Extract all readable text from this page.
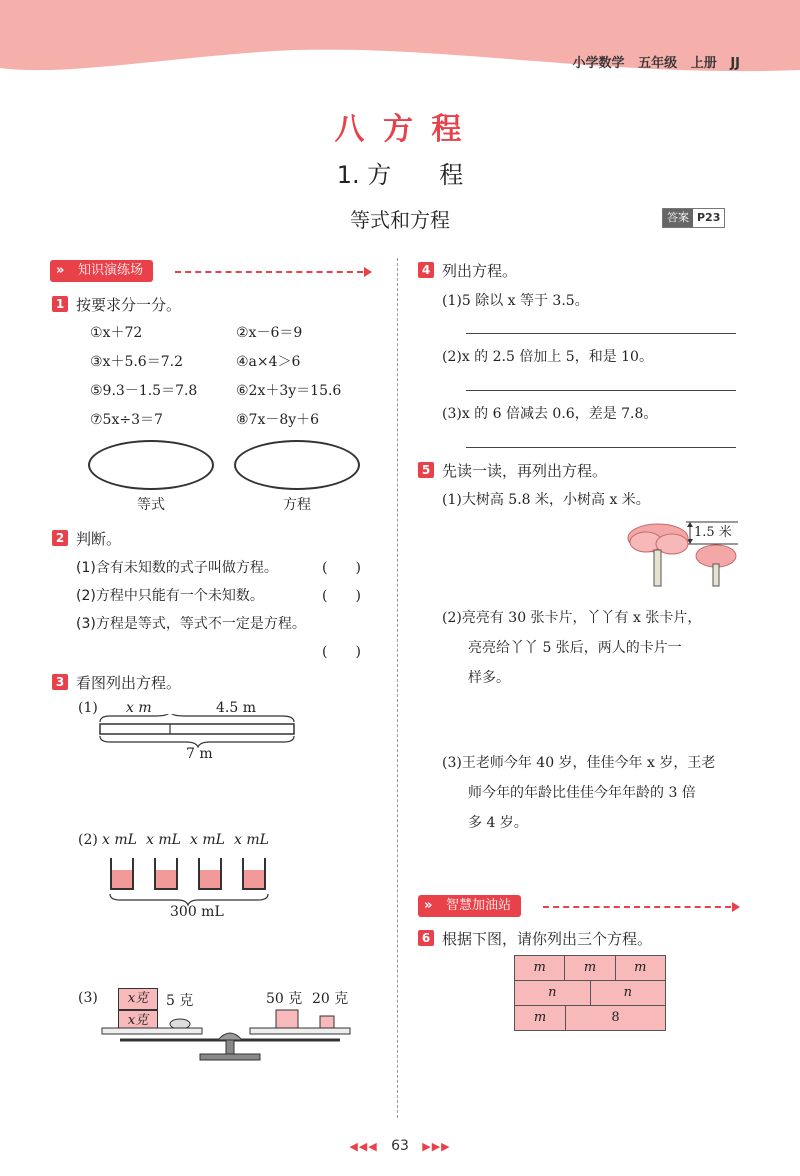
小学数学 五年级 上册 JJ
八 方 程
1. 方　　程
等式和方程	答案 P23
» 知识演练场
1 按要求分一分。
①x＋72	②x－6＝9
③x＋5.6＝7.2	④a×4＞6
⑤9.3－1.5＝7.8	⑥2x＋3y＝15.6
⑦5x÷3＝7	⑧7x－8y＋6
等式	方程
2 判断。
(1)含有未知数的式子叫做方程。	(　　)
(2)方程中只能有一个未知数。	(　　)
(3)方程是等式，等式不一定是方程。
(　　)
3 看图列出方程。
(1) x m	4.5 m
7 m
(2) x mL x mL x mL x mL
300 mL
(3)	x克
x克
5 克	50 克 20 克
4 列出方程。
(1)5 除以 x 等于 3.5。
(2)x 的 2.5 倍加上 5，和是 10。
(3)x 的 6 倍减去 0.6，差是 7.8。
5 先读一读，再列出方程。
(1)大树高 5.8 米，小树高 x 米。
1.5 米
(2)亮亮有 30 张卡片，丫丫有 x 张卡片，
亮亮给丫丫 5 张后，两人的卡片一
样多。
(3)王老师今年 40 岁，佳佳今年 x 岁，王老
师今年的年龄比佳佳今年年龄的 3 倍
多 4 岁。
» 智慧加油站
6 根据下图，请你列出三个方程。
m	m	m
n	n
m	8
◀◀◀ 63 ▶▶▶
